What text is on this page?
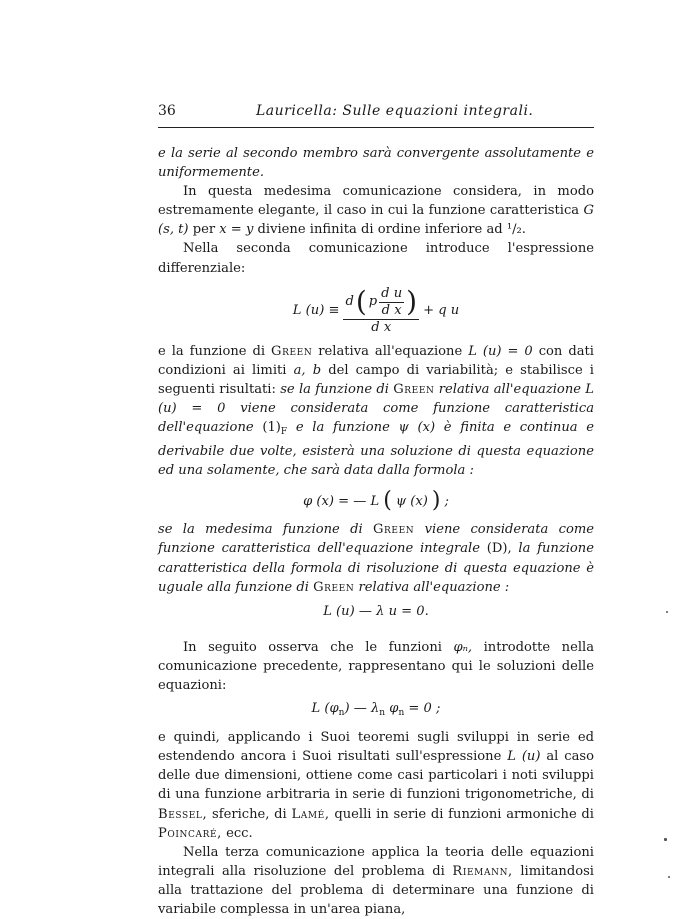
36	Lauricella: Sulle equazioni integrali.

e la serie al secondo membro sarà convergente assolutamente e uniformemente.

In questa medesima comunicazione considera, in modo estremamente elegante, il caso in cui la funzione caratteristica G (s, t) per x = y diviene infinita di ordine inferiore ad ¹/₂.

Nella seconda comunicazione introduce l'espressione differenziale:

L (u) ≡
d ( p $\frac{\text{d u}}{\text{d x}}$ )
d x
+ q u

e la funzione di Green relativa all'equazione L (u) = 0 con dati condizioni ai limiti a, b del campo di variabilità; e stabilisce i seguenti risultati: se la funzione di Green relativa all'equazione L (u) = 0 viene considerata come funzione caratteristica dell'equazione $(1)_F$ e la funzione ψ (x) è finita e continua e derivabile due volte, esisterà una soluzione di questa equazione ed una solamente, che sarà data dalla formola :

φ (x) = — L ( ψ (x) ) ;

se la medesima funzione di Green viene considerata come funzione caratteristica dell'equazione integrale (D), la funzione caratteristica della formola di risoluzione di questa equazione è uguale alla funzione di Green relativa all'equazione :

L (u) — λ u = 0.

In seguito osserva che le funzioni φₙ, introdotte nella comunicazione precedente, rappresentano qui le soluzioni delle equazioni:

L $(\varphi_n)$ — $\lambda_n$ $\varphi_n = 0$ ;

e quindi, applicando i Suoi teoremi sugli sviluppi in serie ed estendendo ancora i Suoi risultati sull'espressione L (u) al caso delle due dimensioni, ottiene come casi particolari i noti sviluppi di una funzione arbitraria in serie di funzioni trigonometriche, di Bessel, sferiche, di Lamé, quelli in serie di funzioni armoniche di Poincaré, ecc.

Nella terza comunicazione applica la teoria delle equazioni integrali alla risoluzione del problema di Riemann, limitandosi alla trattazione del problema di determinare una funzione di variabile complessa in un'area piana,
